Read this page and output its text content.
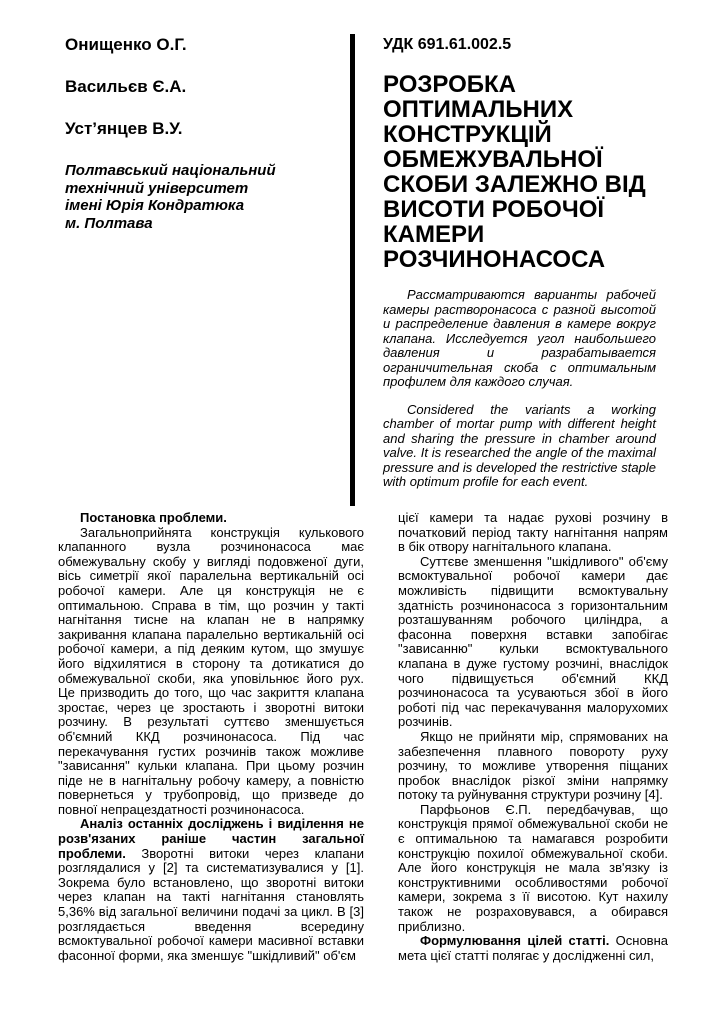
Онищенко О.Г.
Васильєв Є.А.
Уст’янцев В.У.
Полтавський національний
технічний університет
імені Юрія Кондратюка
м. Полтава
УДК 691.61.002.5
РОЗРОБКА ОПТИМАЛЬНИХ КОНСТРУКЦІЙ ОБМЕЖУВАЛЬНОЇ СКОБИ ЗАЛЕЖНО ВІД ВИСОТИ РОБОЧОЇ КАМЕРИ РОЗЧИНОНАСОСА

Рассматриваются варианты рабочей камеры растворонасоса с разной высотой и распределение давления в камере вокруг клапана. Исследуется угол наибольшего давления и разрабатывается ограничительная скоба с оптимальным профилем для каждого случая.

Considered the variants a working chamber of mortar pump with different height and sharing the pressure in chamber around valve. It is researched the angle of the maximal pressure and is developed the restrictive staple with optimum profile for each event.

Постановка проблеми.

Загальноприйнята конструкція кулькового клапанного вузла розчинонасоса має обмежувальну скобу у вигляді подовженої дуги, вісь симетрії якої паралельна вертикальній осі робочої камери. Але ця конструкція не є оптимальною. Справа в тім, що розчин у такті нагнітання тисне на клапан не в напрямку закривання клапана паралельно вертикальній осі робочої камери, а під деяким кутом, що змушує його відхилятися в сторону та дотикатися до обмежувальної скоби, яка уповільнює його рух. Це призводить до того, що час закриття клапана зростає, через це зростають і зворотні витоки розчину. В результаті суттєво зменшується об'ємний ККД розчинонасоса. Під час перекачування густих розчинів також можливе "зависання" кульки клапана. При цьому розчин піде не в нагнітальну робочу камеру, а повністю повернеться у трубопровід, що призведе до повної непрацездатності розчинонасоса.

Аналіз останніх досліджень і виділення не розв'язаних раніше частин загальної проблеми. Зворотні витоки через клапани розглядалися у [2] та систематизувалися у [1]. Зокрема було встановлено, що зворотні витоки через клапан на такті нагнітання становлять 5,36% від загальної величини подачі за цикл. В [3] розглядається введення всередину всмоктувальної робочої камери масивної вставки фасонної форми, яка зменшує "шкідливий" об'єм

цієї камери та надає рухові розчину в початковий період такту нагнітання напрям в бік отвору нагнітального клапана.

Суттєве зменшення "шкідливого" об'єму всмоктувальної робочої камери дає можливість підвищити всмоктувальну здатність розчинонасоса з горизонтальним розташуванням робочого циліндра, а фасонна поверхня вставки запобігає "зависанню" кульки всмоктувального клапана в дуже густому розчині, внаслідок чого підвищується об'ємний ККД розчинонасоса та усуваються збої в його роботі під час перекачування малорухомих розчинів.

Якщо не прийняти мір, спрямованих на забезпечення плавного повороту руху розчину, то можливе утворення піщаних пробок внаслідок різкої зміни напрямку потоку та руйнування структури розчину [4].

Парфьонов Є.П. передбачував, що конструкція прямої обмежувальної скоби не є оптимальною та намагався розробити конструкцію похилої обмежувальної скоби. Але його конструкція не мала зв'язку із конструктивними особливостями робочої камери, зокрема з її висотою. Кут нахилу також не розраховувався, а обирався приблизно.

Формулювання цілей статті. Основна мета цієї статті полягає у дослідженні сил,
